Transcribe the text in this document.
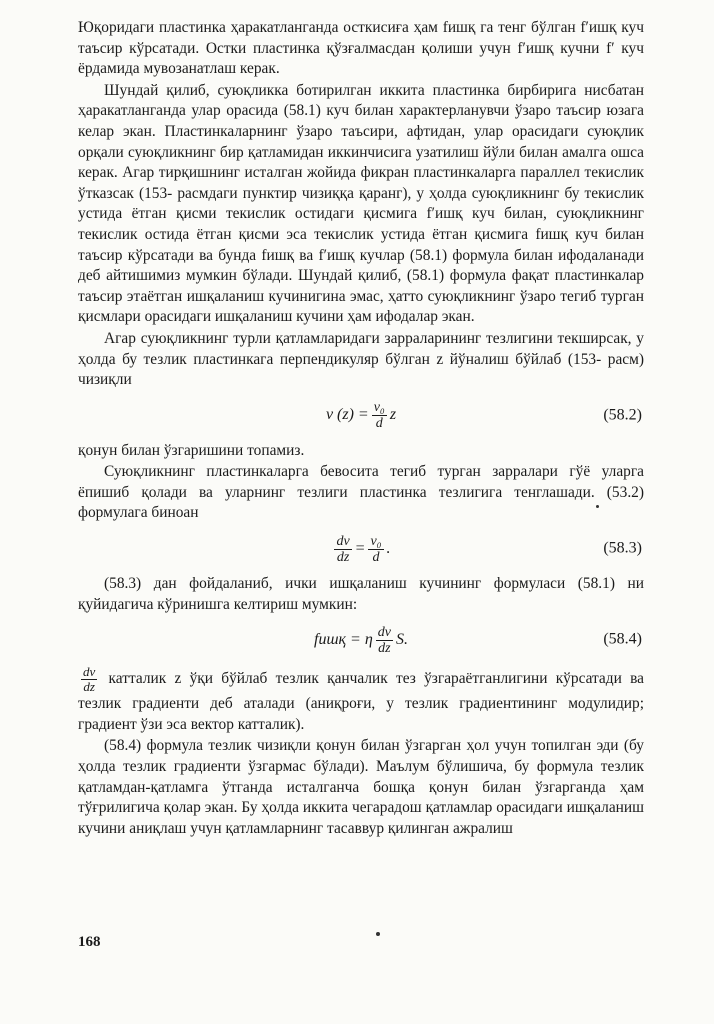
Юқоридаги пластинка ҳаракатланганда осткисиға ҳам fишқ га тенг бўлган f′ишқ куч таъсир кўрсатади. Остки пластинка қўзғалмасдан қолиши учун f′ишқ кучни f′ куч ёрдамида мувозанатлаш керак.

Шундай қилиб, суюқликка ботирилган иккита пластинка бирбирига нисбатан ҳаракатланганда улар орасида (58.1) куч билан характерланувчи ўзаро таъсир юзага келар экан. Пластинкаларнинг ўзаро таъсири, афтидан, улар орасидаги суюқлик орқали суюқликнинг бир қатламидан иккинчисига узатилиш йўли билан амалга ошса керак. Агар тирқишнинг исталган жойида фикран пластинкаларга параллел текислик ўтказсак (153- расмдаги пунктир чизиққа қаранг), у ҳолда суюқликнинг бу текислик устида ётган қисми текислик остидаги қисмига f′ишқ куч билан, суюқликнинг текислик остида ётган қисми эса текислик устида ётган қисмига fишқ куч билан таъсир кўрсатади ва бунда fишқ ва f′ишқ кучлар (58.1) формула билан ифодаланади деб айтишимиз мумкин бўлади. Шундай қилиб, (58.1) формула фақат пластинкалар таъсир этаётган ишқаланиш кучинигина эмас, ҳатто суюқликнинг ўзаро тегиб турган қисмлари орасидаги ишқаланиш кучини ҳам ифодалар экан.

Агар суюқликнинг турли қатламларидаги зарраларининг тезлигини текширсак, у ҳолда бу тезлик пластинкага перпендикуляр бўлган z йўналиш бўйлаб (153- расм) чизиқли

v $(z) = \frac{\text{v₀}}{d}$ z	(58.2)

қонун билан ўзгаришини топамиз.

Суюқликнинг пластинкаларга бевосита тегиб турган зарралари гўё уларга ёпишиб қолади ва уларнинг тезлиги пластинка тезлигига тенглашади. (53.2) формулага биноан

$\frac{dv}{dz} = \frac{\text{v₀}}{d}$ .	(58.3)

(58.3) дан фойдаланиб, ички ишқаланиш кучининг формуласи (58.1) ни қуйидагича кўринишга келтириш мумкин:

fишқ = η $\frac{dv}{dz} S$.	(58.4)

$\frac{dv}{dz}$ катталик z ўқи бўйлаб тезлик қанчалик тез ўзгараётганлигини кўрсатади ва тезлик градиенти деб аталади (аниқроғи, у тезлик градиентининг модулидир; градиент ўзи эса вектор катталик).

(58.4) формула тезлик чизиқли қонун билан ўзгарган ҳол учун топилган эди (бу ҳолда тезлик градиенти ўзгармас бўлади). Маълум бўлишича, бу формула тезлик қатламдан-қатламга ўтганда исталганча бошқа қонун билан ўзгарганда ҳам тўғрилигича қолар экан. Бу ҳолда иккита чегарадош қатламлар орасидаги ишқаланиш кучини аниқлаш учун қатламларнинг тасаввур қилинган ажралиш

168
